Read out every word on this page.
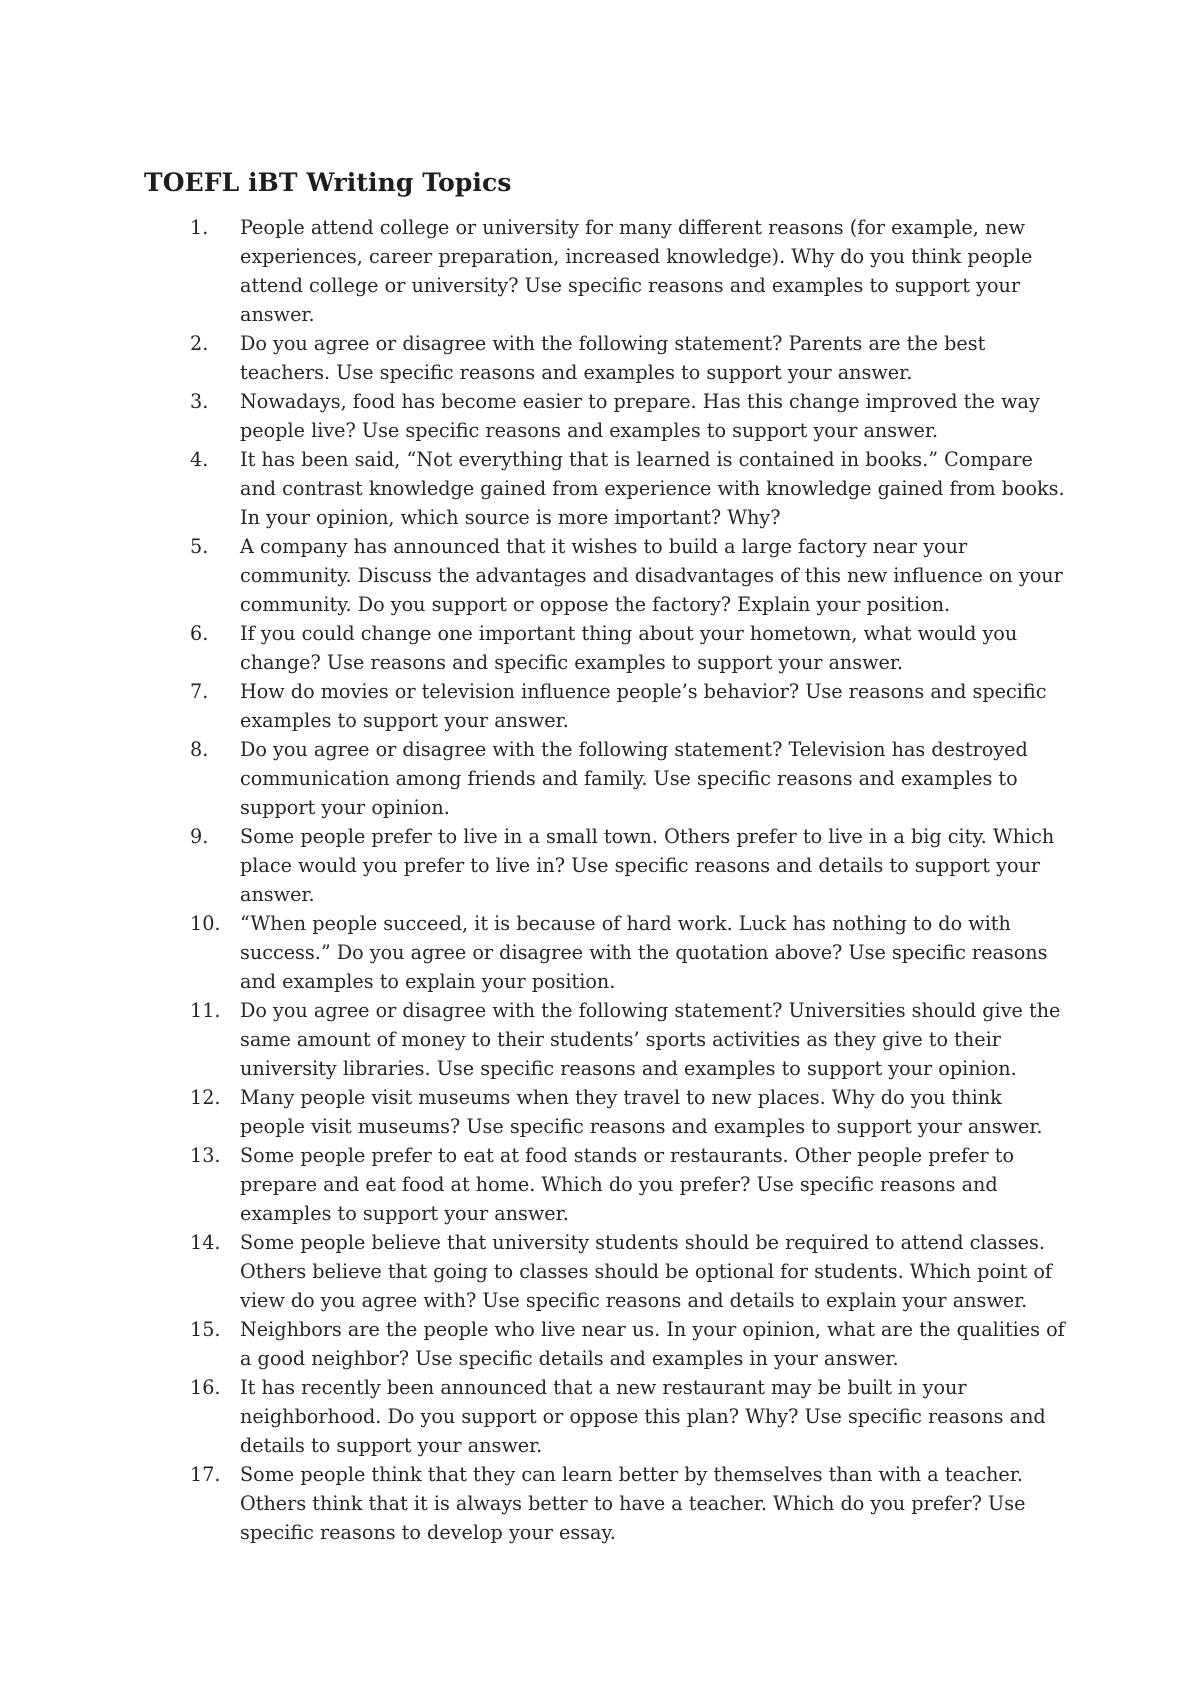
TOEFL iBT Writing Topics
1.	People attend college or university for many different reasons (for example, new experiences, career preparation, increased knowledge). Why do you think people attend college or university? Use specific reasons and examples to support your answer.
2.	Do you agree or disagree with the following statement? Parents are the best teachers. Use specific reasons and examples to support your answer.
3.	Nowadays, food has become easier to prepare. Has this change improved the way people live? Use specific reasons and examples to support your answer.
4.	It has been said, “Not everything that is learned is contained in books.” Compare and contrast knowledge gained from experience with knowledge gained from books. In your opinion, which source is more important? Why?
5.	A company has announced that it wishes to build a large factory near your community. Discuss the advantages and disadvantages of this new influence on your community. Do you support or oppose the factory? Explain your position.
6.	If you could change one important thing about your hometown, what would you change? Use reasons and specific examples to support your answer.
7.	How do movies or television influence people’s behavior? Use reasons and specific examples to support your answer.
8.	Do you agree or disagree with the following statement? Television has destroyed communication among friends and family. Use specific reasons and examples to support your opinion.
9.	Some people prefer to live in a small town. Others prefer to live in a big city. Which place would you prefer to live in? Use specific reasons and details to support your answer.
10.	“When people succeed, it is because of hard work. Luck has nothing to do with success.” Do you agree or disagree with the quotation above? Use specific reasons and examples to explain your position.
11.	Do you agree or disagree with the following statement? Universities should give the same amount of money to their students’ sports activities as they give to their university libraries. Use specific reasons and examples to support your opinion.
12.	Many people visit museums when they travel to new places. Why do you think people visit museums? Use specific reasons and examples to support your answer.
13.	Some people prefer to eat at food stands or restaurants. Other people prefer to prepare and eat food at home. Which do you prefer? Use specific reasons and examples to support your answer.
14.	Some people believe that university students should be required to attend classes. Others believe that going to classes should be optional for students. Which point of view do you agree with? Use specific reasons and details to explain your answer.
15.	Neighbors are the people who live near us. In your opinion, what are the qualities of a good neighbor? Use specific details and examples in your answer.
16.	It has recently been announced that a new restaurant may be built in your neighborhood. Do you support or oppose this plan? Why? Use specific reasons and details to support your answer.
17.	Some people think that they can learn better by themselves than with a teacher. Others think that it is always better to have a teacher. Which do you prefer? Use specific reasons to develop your essay.
